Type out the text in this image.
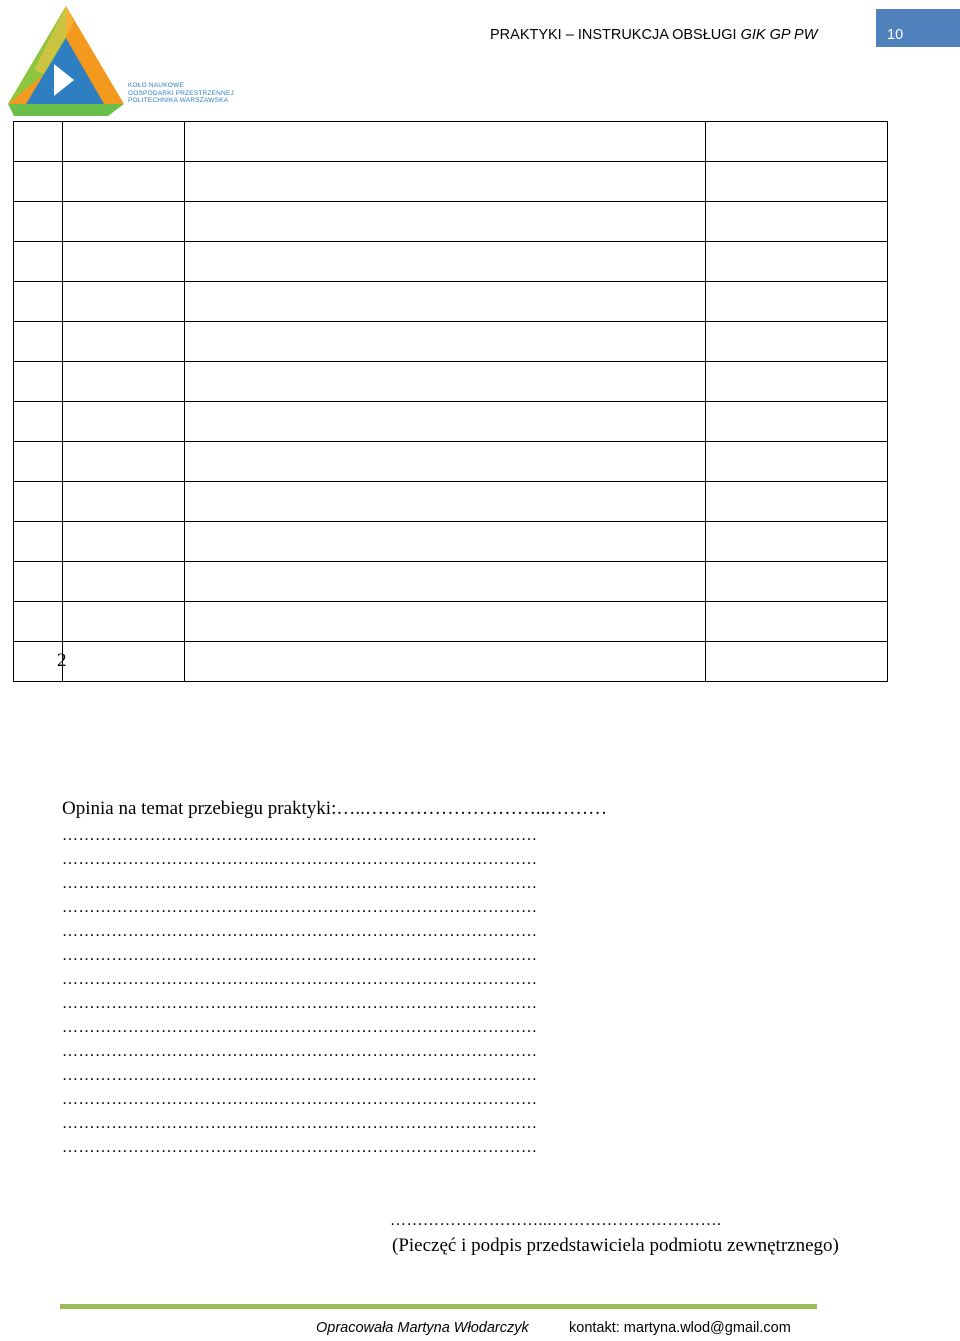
KOŁO NAUKOWE
GOSPODARKI PRZESTRZENNEJ
POLITECHNIKA WARSZAWSKA
PRAKTYKI – INSTRUKCJA OBSŁUGI GIK GP PW	10

2			

Opinia na temat przebiegu praktyki:…..………………………...………
………………………………...…………………………………………
………………………………...…………………………………………
………………………………...…………………………………………
………………………………...…………………………………………
………………………………...…………………………………………
………………………………...…………………………………………
………………………………...…………………………………………
………………………………...…………………………………………
………………………………...…………………………………………
………………………………...…………………………………………
………………………………...…………………………………………
………………………………...…………………………………………
………………………………...…………………………………………
………………………………...…………………………………………
………………………...………………………….
(Pieczęć i podpis przedstawiciela podmiotu zewnętrznego)
Opracowała Martyna Włodarczyk	kontakt: martyna.wlod@gmail.com
